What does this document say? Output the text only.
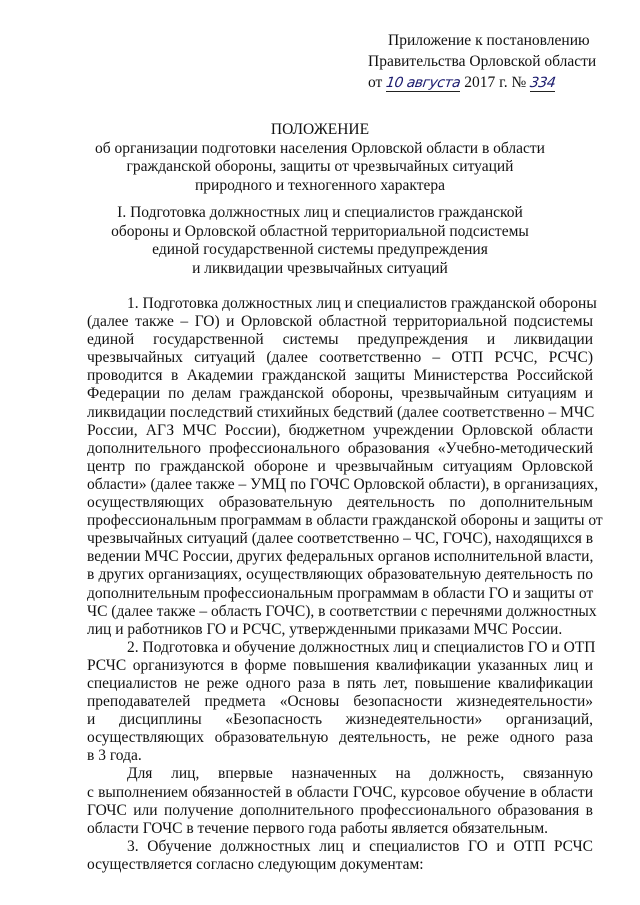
Приложение к постановлению
Правительства Орловской области
от 10 августа 2017 г. № 334
ПОЛОЖЕНИЕ
об организации подготовки населения Орловской области в области
гражданской обороны, защиты от чрезвычайных ситуаций
природного и техногенного характера
I. Подготовка должностных лиц и специалистов гражданской
обороны и Орловской областной территориальной подсистемы
единой государственной системы предупреждения
и ликвидации чрезвычайных ситуаций
1. Подготовка должностных лиц и специалистов гражданской обороны
(далее также – ГО) и Орловской областной территориальной подсистемы
единой государственной системы предупреждения и ликвидации
чрезвычайных ситуаций (далее соответственно – ОТП РСЧС, РСЧС)
проводится в Академии гражданской защиты Министерства Российской
Федерации по делам гражданской обороны, чрезвычайным ситуациям и
ликвидации последствий стихийных бедствий (далее соответственно – МЧС
России, АГЗ МЧС России), бюджетном учреждении Орловской области
дополнительного профессионального образования «Учебно-методический
центр по гражданской обороне и чрезвычайным ситуациям Орловской
области» (далее также – УМЦ по ГОЧС Орловской области), в организациях,
осуществляющих образовательную деятельность по дополнительным
профессиональным программам в области гражданской обороны и защиты от
чрезвычайных ситуаций (далее соответственно – ЧС, ГОЧС), находящихся в
ведении МЧС России, других федеральных органов исполнительной власти,
в других организациях, осуществляющих образовательную деятельность по
дополнительным профессиональным программам в области ГО и защиты от
ЧС (далее также – область ГОЧС), в соответствии с перечнями должностных
лиц и работников ГО и РСЧС, утвержденными приказами МЧС России.
2. Подготовка и обучение должностных лиц и специалистов ГО и ОТП
РСЧС организуются в форме повышения квалификации указанных лиц и
специалистов не реже одного раза в пять лет, повышение квалификации
преподавателей предмета «Основы безопасности жизнедеятельности»
и дисциплины «Безопасность жизнедеятельности» организаций,
осуществляющих образовательную деятельность, не реже одного раза
в 3 года.
Для лиц, впервые назначенных на должность, связанную
с выполнением обязанностей в области ГОЧС, курсовое обучение в области
ГОЧС или получение дополнительного профессионального образования в
области ГОЧС в течение первого года работы является обязательным.
3. Обучение должностных лиц и специалистов ГО и ОТП РСЧС
осуществляется согласно следующим документам:
